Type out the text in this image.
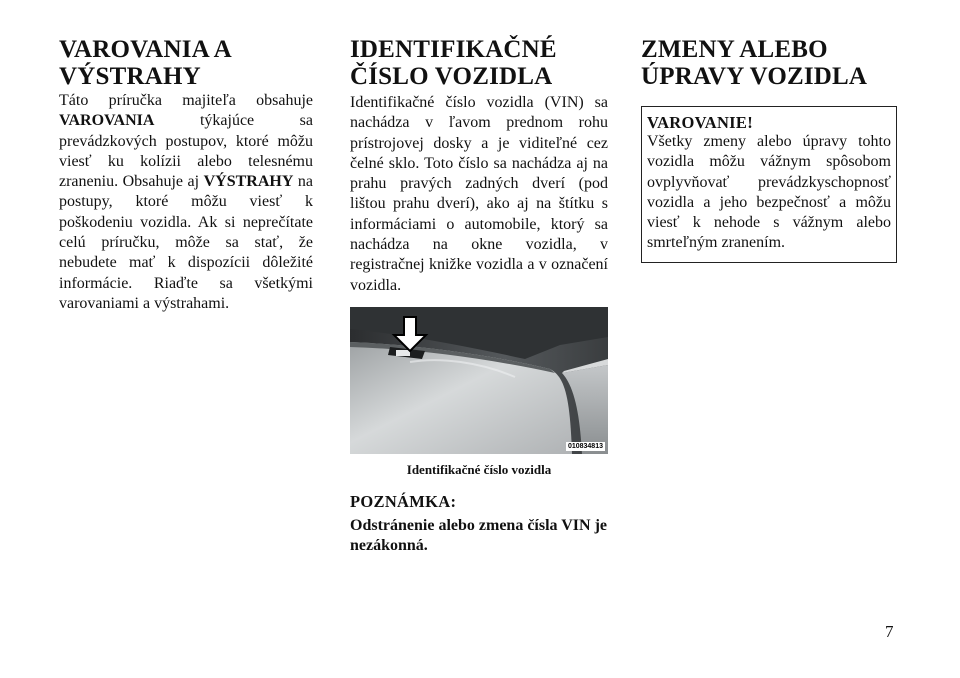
VAROVANIA A VÝSTRAHY

Táto príručka majiteľa obsahuje VAROVANIA týkajúce sa prevádzkových postupov, ktoré môžu viesť ku kolízii alebo telesnému zraneniu. Obsahuje aj VÝSTRAHY na postupy, ktoré môžu viesť k poškodeniu vozidla. Ak si neprečítate celú príručku, môže sa stať, že nebudete mať k dispozícii dôležité informácie. Riaďte sa všetkými varovaniami a výstrahami.

IDENTIFIKAČNÉ ČÍSLO VOZIDLA

Identifikačné číslo vozidla (VIN) sa nachádza v ľavom prednom rohu prístrojovej dosky a je viditeľné cez čelné sklo. Toto číslo sa nachádza aj na prahu pravých zadných dverí (pod lištou prahu dverí), ako aj na štítku s informáciami o automobile, ktorý sa nachádza na okne vozidla, v registračnej knižke vozidla a v označení vozidla.

010834813
Identifikačné číslo vozidla
POZNÁMKA:
Odstránenie alebo zmena čísla VIN je nezákonná.
ZMENY ALEBO ÚPRAVY VOZIDLA
VAROVANIE!

Všetky zmeny alebo úpravy tohto vozidla môžu vážnym spôsobom ovplyvňovať prevádzkyschopnosť vozidla a jeho bezpečnosť a môžu viesť k nehode s vážnym alebo smrteľným zranením.

7
